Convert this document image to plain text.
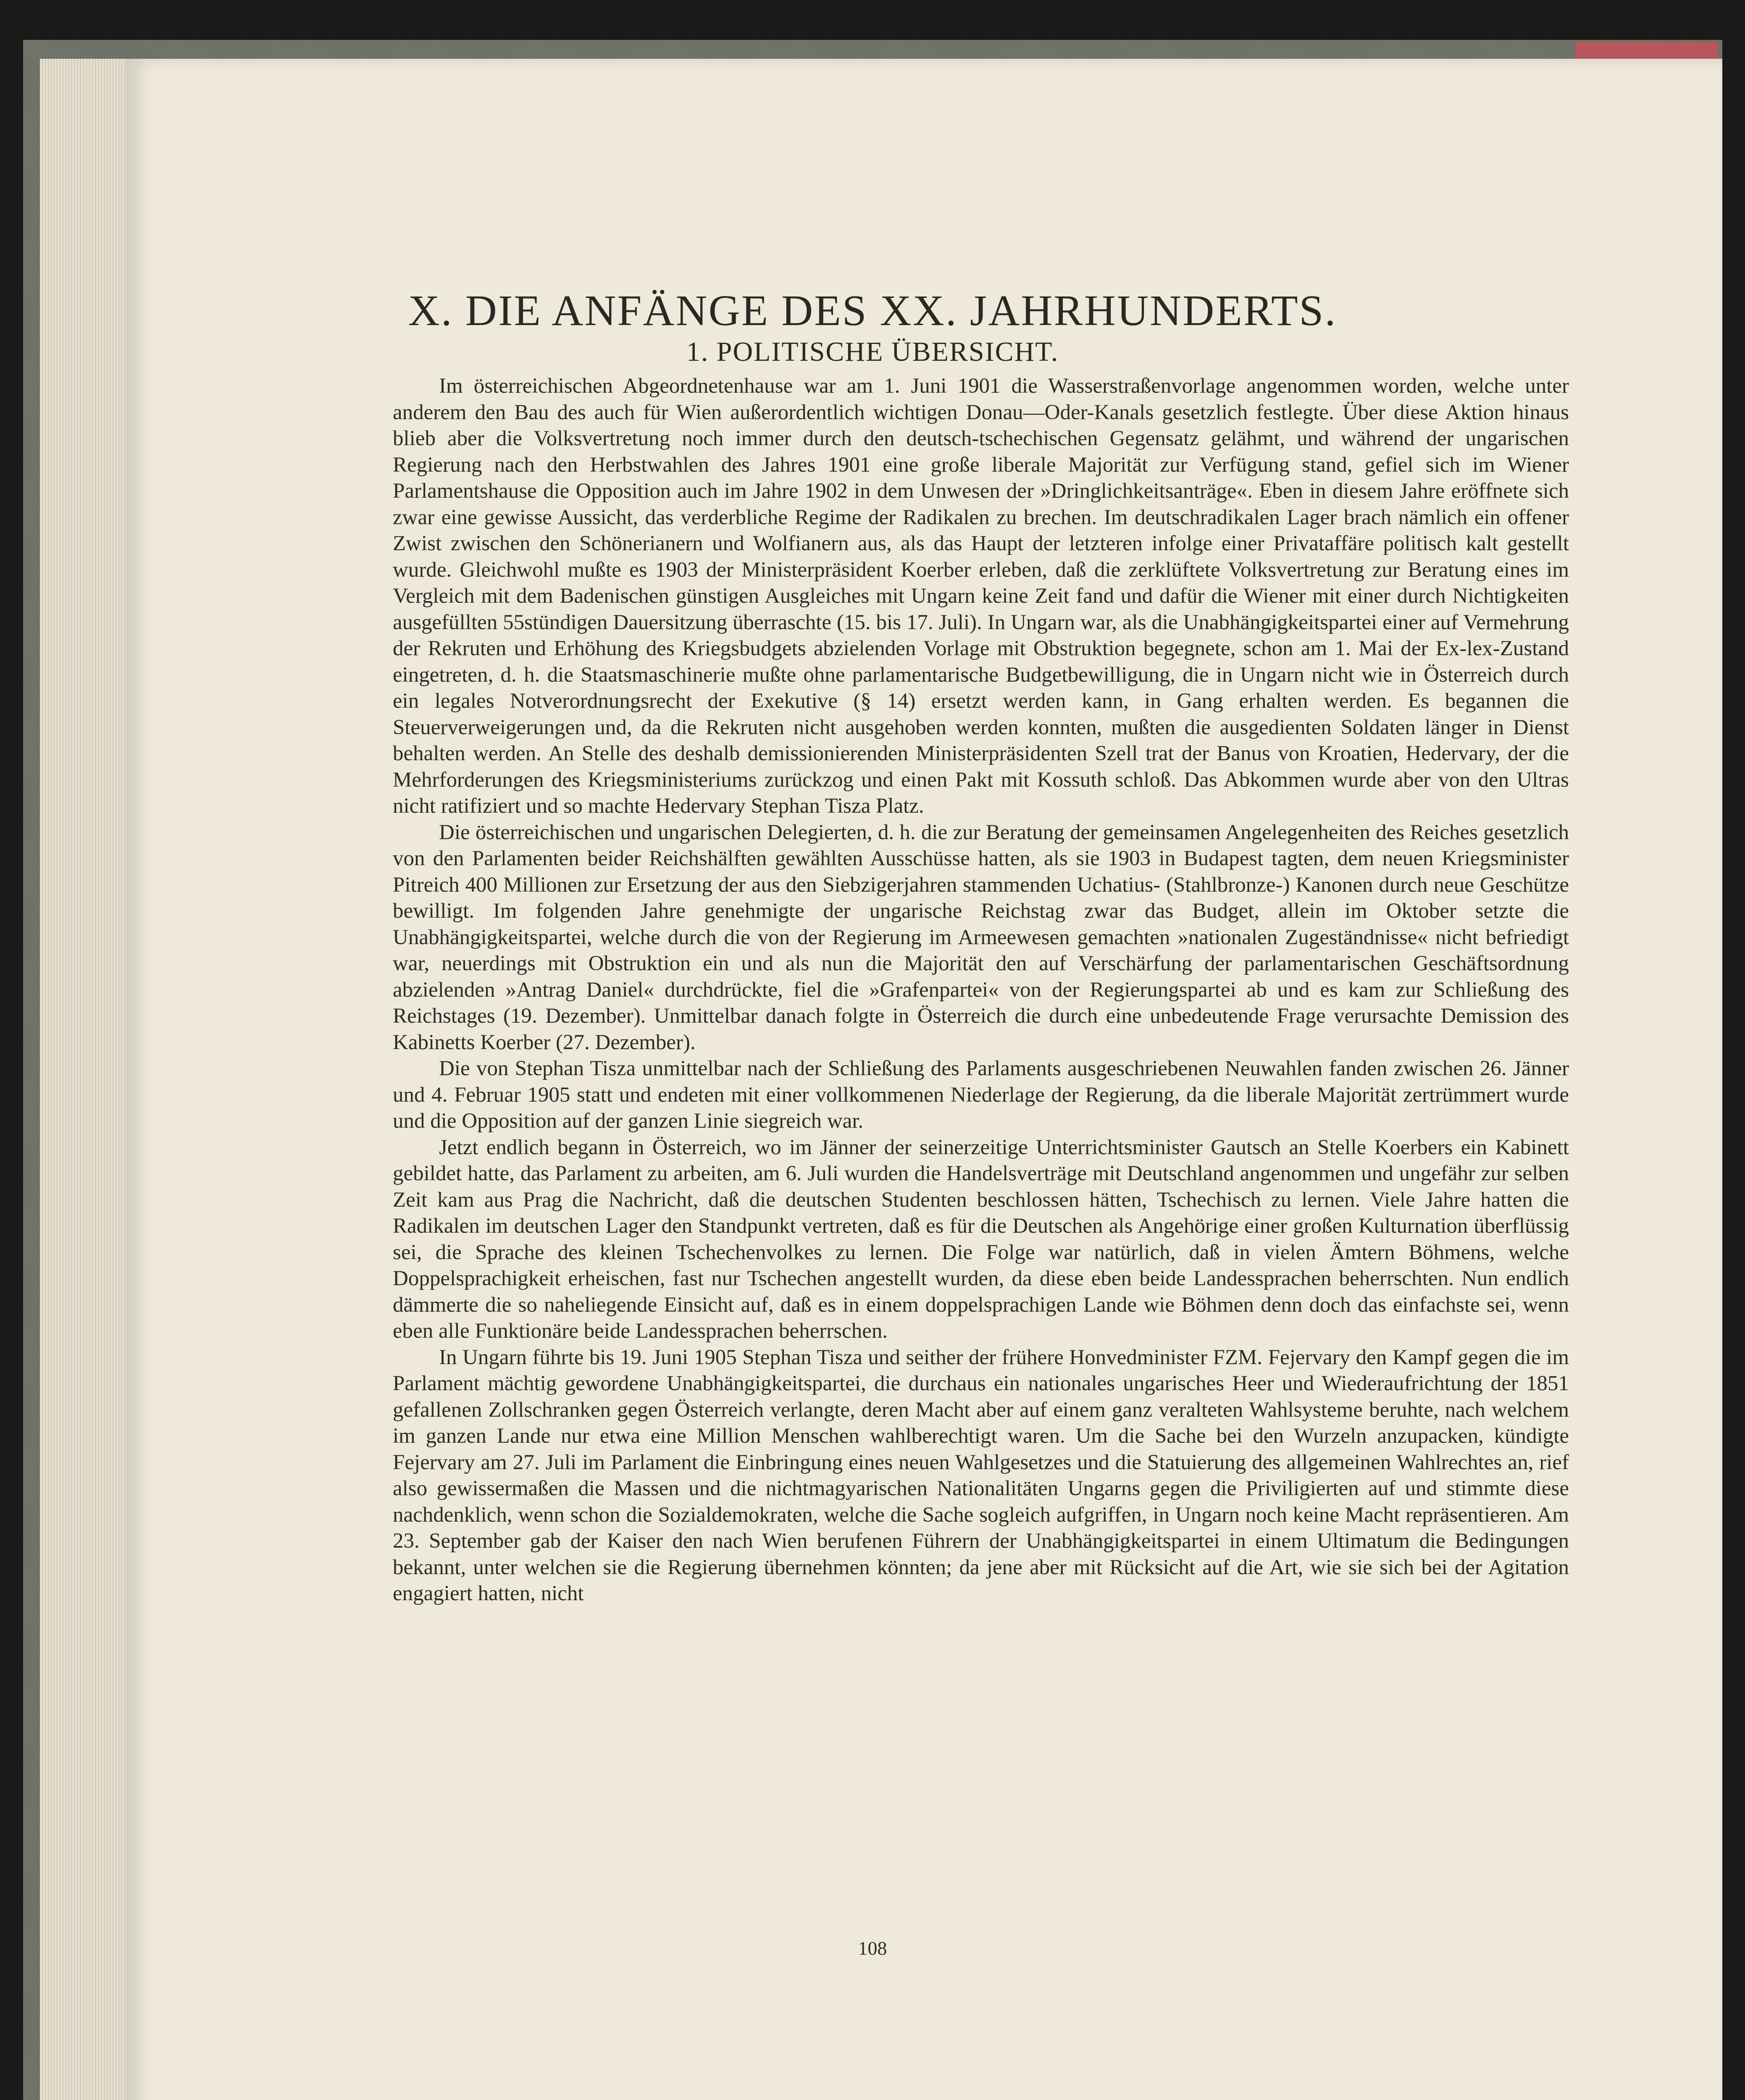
X. DIE ANFÄNGE DES XX. JAHRHUNDERTS.
1. POLITISCHE ÜBERSICHT.

Im österreichischen Abgeordnetenhause war am 1. Juni 1901 die Wasserstraßenvorlage angenommen worden, welche unter anderem den Bau des auch für Wien außerordentlich wichtigen Donau—Oder-Kanals gesetzlich festlegte. Über diese Aktion hinaus blieb aber die Volksvertretung noch immer durch den deutsch-tschechischen Gegensatz gelähmt, und während der ungarischen Regierung nach den Herbstwahlen des Jahres 1901 eine große liberale Majorität zur Verfügung stand, gefiel sich im Wiener Parlamentshause die Opposition auch im Jahre 1902 in dem Unwesen der »Dringlichkeitsanträge«. Eben in diesem Jahre eröffnete sich zwar eine gewisse Aussicht, das verderbliche Regime der Radikalen zu brechen. Im deutschradikalen Lager brach nämlich ein offener Zwist zwischen den Schönerianern und Wolfianern aus, als das Haupt der letzteren infolge einer Privataffäre politisch kalt gestellt wurde. Gleichwohl mußte es 1903 der Ministerpräsident Koerber erleben, daß die zerklüftete Volksvertretung zur Beratung eines im Vergleich mit dem Badenischen günstigen Ausgleiches mit Ungarn keine Zeit fand und dafür die Wiener mit einer durch Nichtigkeiten ausgefüllten 55stündigen Dauersitzung überraschte (15. bis 17. Juli). In Ungarn war, als die Unabhängigkeitspartei einer auf Vermehrung der Rekruten und Erhöhung des Kriegsbudgets abzielenden Vorlage mit Obstruktion begegnete, schon am 1. Mai der Ex-lex-Zustand eingetreten, d. h. die Staatsmaschinerie mußte ohne parlamentarische Budgetbewilligung, die in Ungarn nicht wie in Österreich durch ein legales Notverordnungsrecht der Exekutive (§ 14) ersetzt werden kann, in Gang erhalten werden. Es begannen die Steuerverweigerungen und, da die Rekruten nicht ausgehoben werden konnten, mußten die ausgedienten Soldaten länger in Dienst behalten werden. An Stelle des deshalb demissionierenden Ministerpräsidenten Szell trat der Banus von Kroatien, Hedervary, der die Mehrforderungen des Kriegsministeriums zurückzog und einen Pakt mit Kossuth schloß. Das Abkommen wurde aber von den Ultras nicht ratifiziert und so machte Hedervary Stephan Tisza Platz.

Die österreichischen und ungarischen Delegierten, d. h. die zur Beratung der gemeinsamen Angelegenheiten des Reiches gesetzlich von den Parlamenten beider Reichshälften gewählten Ausschüsse hatten, als sie 1903 in Budapest tagten, dem neuen Kriegsminister Pitreich 400 Millionen zur Ersetzung der aus den Siebzigerjahren stammenden Uchatius- (Stahlbronze-) Kanonen durch neue Geschütze bewilligt. Im folgenden Jahre genehmigte der ungarische Reichstag zwar das Budget, allein im Oktober setzte die Unabhängigkeitspartei, welche durch die von der Regierung im Armeewesen gemachten »nationalen Zugeständnisse« nicht befriedigt war, neuerdings mit Obstruktion ein und als nun die Majorität den auf Verschärfung der parlamentarischen Geschäftsordnung abzielenden »Antrag Daniel« durchdrückte, fiel die »Grafenpartei« von der Regierungspartei ab und es kam zur Schließung des Reichstages (19. Dezember). Unmittelbar danach folgte in Österreich die durch eine unbedeutende Frage verursachte Demission des Kabinetts Koerber (27. Dezember).

Die von Stephan Tisza unmittelbar nach der Schließung des Parlaments ausgeschriebenen Neuwahlen fanden zwischen 26. Jänner und 4. Februar 1905 statt und endeten mit einer vollkommenen Niederlage der Regierung, da die liberale Majorität zertrümmert wurde und die Opposition auf der ganzen Linie siegreich war.

Jetzt endlich begann in Österreich, wo im Jänner der seinerzeitige Unterrichtsminister Gautsch an Stelle Koerbers ein Kabinett gebildet hatte, das Parlament zu arbeiten, am 6. Juli wurden die Handelsverträge mit Deutschland angenommen und ungefähr zur selben Zeit kam aus Prag die Nachricht, daß die deutschen Studenten beschlossen hätten, Tschechisch zu lernen. Viele Jahre hatten die Radikalen im deutschen Lager den Standpunkt vertreten, daß es für die Deutschen als Angehörige einer großen Kulturnation überflüssig sei, die Sprache des kleinen Tschechenvolkes zu lernen. Die Folge war natürlich, daß in vielen Ämtern Böhmens, welche Doppelsprachigkeit erheischen, fast nur Tschechen angestellt wurden, da diese eben beide Landessprachen beherrschten. Nun endlich dämmerte die so naheliegende Einsicht auf, daß es in einem doppelsprachigen Lande wie Böhmen denn doch das einfachste sei, wenn eben alle Funktionäre beide Landessprachen beherrschen.

In Ungarn führte bis 19. Juni 1905 Stephan Tisza und seither der frühere Honvedminister FZM. Fejervary den Kampf gegen die im Parlament mächtig gewordene Unabhängigkeitspartei, die durchaus ein nationales ungarisches Heer und Wiederaufrichtung der 1851 gefallenen Zollschranken gegen Österreich verlangte, deren Macht aber auf einem ganz veralteten Wahlsysteme beruhte, nach welchem im ganzen Lande nur etwa eine Million Menschen wahlberechtigt waren. Um die Sache bei den Wurzeln anzupacken, kündigte Fejervary am 27. Juli im Parlament die Einbringung eines neuen Wahlgesetzes und die Statuierung des allgemeinen Wahlrechtes an, rief also gewissermaßen die Massen und die nichtmagyarischen Nationalitäten Ungarns gegen die Priviligierten auf und stimmte diese nachdenklich, wenn schon die Sozialdemokraten, welche die Sache sogleich aufgriffen, in Ungarn noch keine Macht repräsentieren. Am 23. September gab der Kaiser den nach Wien berufenen Führern der Unabhängigkeitspartei in einem Ultimatum die Bedingungen bekannt, unter welchen sie die Regierung übernehmen könnten; da jene aber mit Rücksicht auf die Art, wie sie sich bei der Agitation engagiert hatten, nicht

108
